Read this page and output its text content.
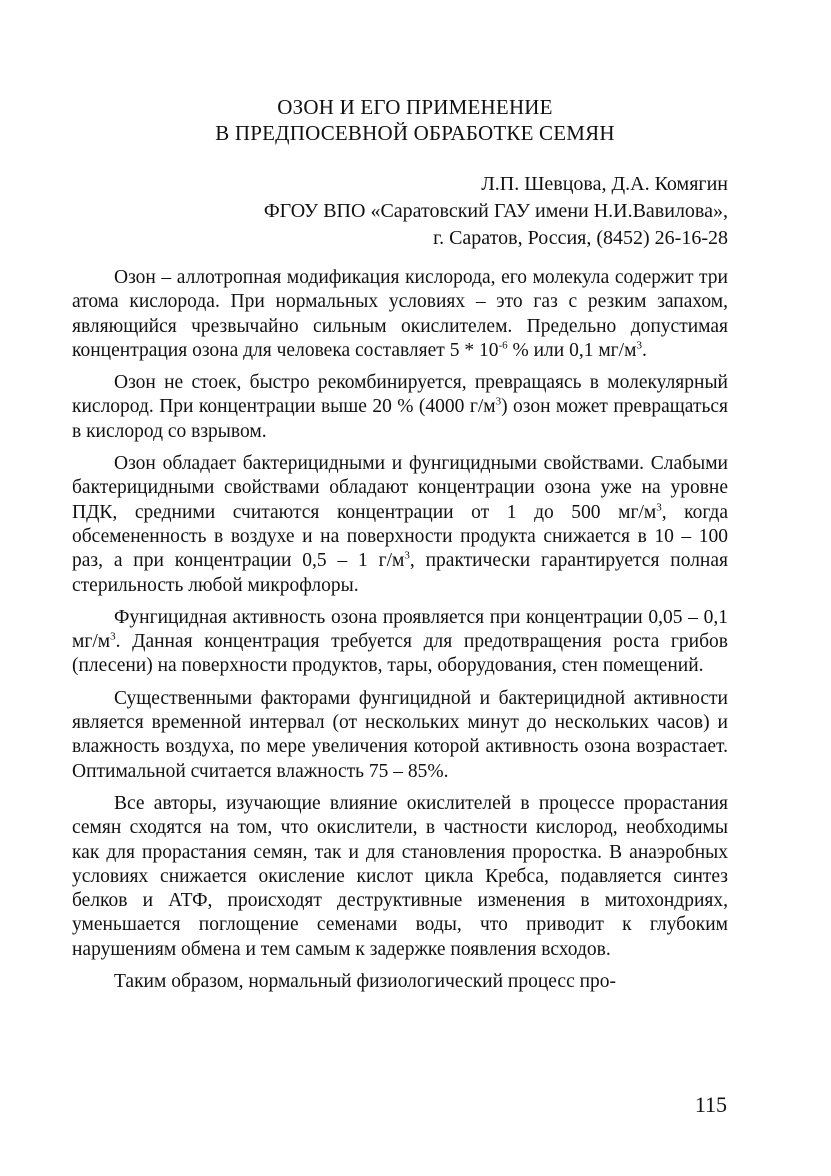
ОЗОН И ЕГО ПРИМЕНЕНИЕ
В ПРЕДПОСЕВНОЙ ОБРАБОТКЕ СЕМЯН
Л.П. Шевцова, Д.А. Комягин
ФГОУ ВПО «Саратовский ГАУ имени Н.И.Вавилова»,
г. Саратов, Россия, (8452) 26-16-28

Озон – аллотропная модификация кислорода, его молекула содержит три атома кислорода. При нормальных условиях – это газ с резким запахом, являющийся чрезвычайно сильным окислителем. Предельно допустимая концентрация озона для человека составляет $5 * 10^{-6}$ % или 0,1 $мг/м^3$.

Озон не стоек, быстро рекомбинируется, превращаясь в молекулярный кислород. При концентрации выше 20 % (4000 $г/м^3$) озон может превращаться в кислород со взрывом.

Озон обладает бактерицидными и фунгицидными свойствами. Слабыми бактерицидными свойствами обладают концентрации озона уже на уровне ПДК, средними считаются концентрации от 1 до 500 $мг/м^3$, когда обсемененность в воздухе и на поверхности продукта снижается в 10 – 100 раз, а при концентрации 0,5 – 1 $г/м^3$, практически гарантируется полная стерильность любой микрофлоры.

Фунгицидная активность озона проявляется при концентрации 0,05 – 0,1 $мг/м^3$. Данная концентрация требуется для предотвращения роста грибов (плесени) на поверхности продуктов, тары, оборудования, стен помещений.

Существенными факторами фунгицидной и бактерицидной активности является временной интервал (от нескольких минут до нескольких часов) и влажность воздуха, по мере увеличения которой активность озона возрастает. Оптимальной считается влажность 75 – 85%.

Все авторы, изучающие влияние окислителей в процессе прорастания семян сходятся на том, что окислители, в частности кислород, необходимы как для прорастания семян, так и для становления проростка. В анаэробных условиях снижается окисление кислот цикла Кребса, подавляется синтез белков и АТФ, происходят деструктивные изменения в митохондриях, уменьшается поглощение семенами воды, что приводит к глубоким нарушениям обмена и тем самым к задержке появления всходов.

Таким образом, нормальный физиологический процесс про-

115
